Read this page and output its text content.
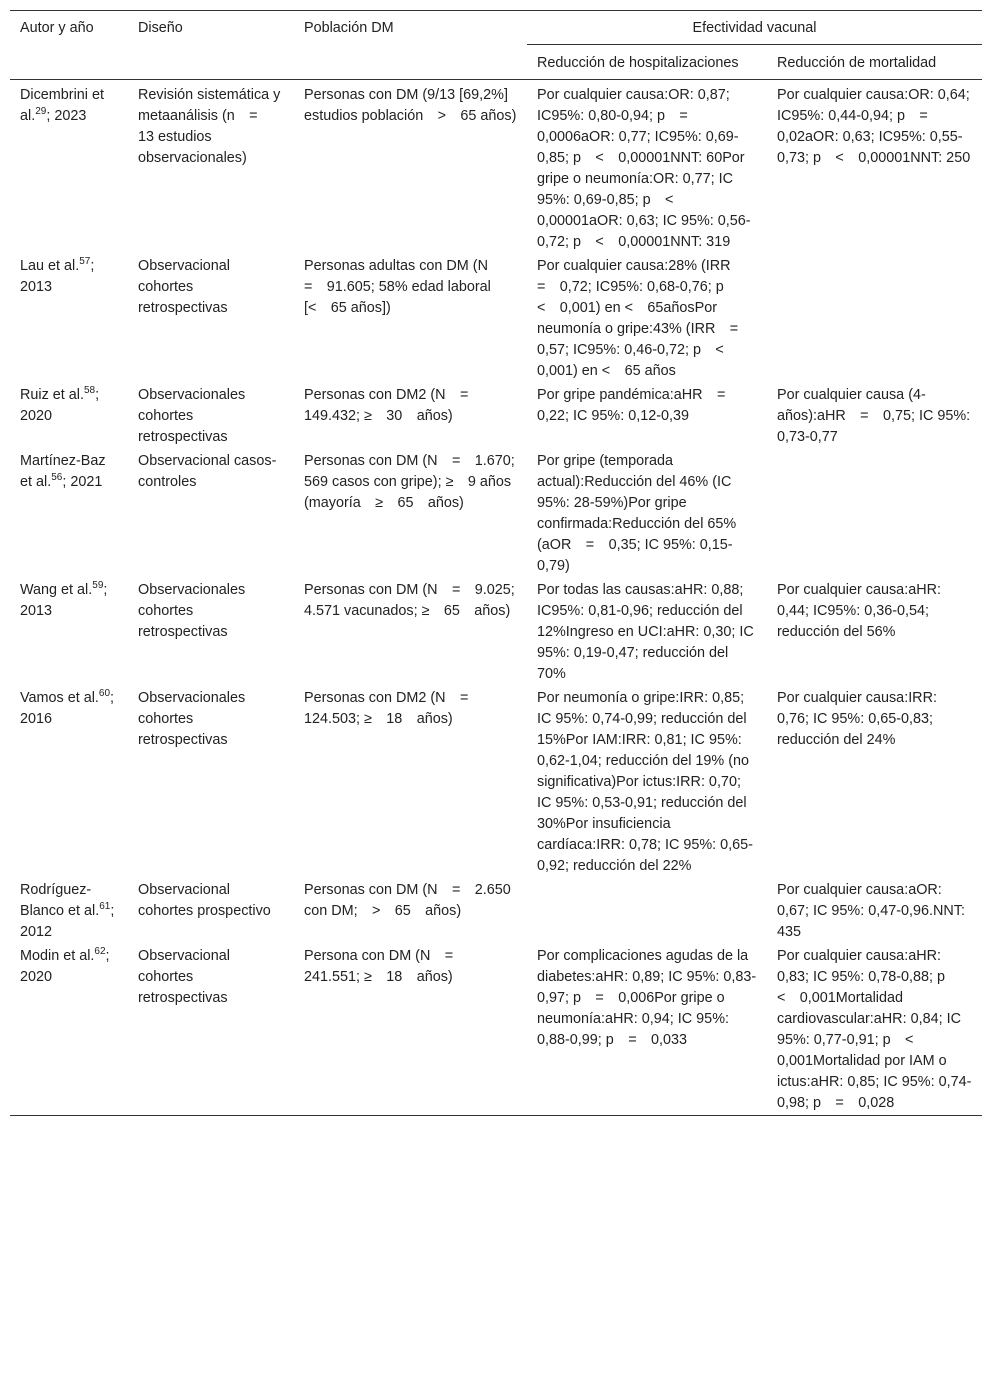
Autor y año	Diseño	Población DM	Efectividad vacunal	
			Reducción de hospitalizaciones	Reducción de mortalidad
Dicembrini et al.$^{29}$; 2023	Revisión sistemática y metaanálisis (n  =  13 estudios observacionales)	Personas con DM (9/13 [69,2%] estudios población  >  65 años)	Por cualquier causa:OR: 0,87; IC95%: 0,80-0,94; p  =  0,0006aOR: 0,77; IC95%: 0,69-0,85; p  <  0,00001NNT: 60Por gripe o neumonía:OR: 0,77; IC 95%: 0,69-0,85; p  <  0,00001aOR: 0,63; IC 95%: 0,56-0,72; p  <  0,00001NNT: 319	Por cualquier causa:OR: 0,64; IC95%: 0,44-0,94; p  =  0,02aOR: 0,63; IC95%: 0,55-0,73; p  <  0,00001NNT: 250
Lau et al.$^{57}$; 2013	Observacional cohortes retrospectivas	Personas adultas con DM (N  =  91.605; 58% edad laboral [<  65 años])	Por cualquier causa:28% (IRR  =  0,72; IC95%: 0,68-0,76; p  <  0,001) en <  65añosPor neumonía o gripe:43% (IRR  =  0,57; IC95%: 0,46-0,72; p  <  0,001) en <  65 años	
Ruiz et al.$^{58}$; 2020	Observacionales cohortes retrospectivas	Personas con DM2 (N  =  149.432; ≥  30  años)	Por gripe pandémica:aHR  =  0,22; IC 95%: 0,12-0,39	Por cualquier causa (4-años):aHR  =  0,75; IC 95%: 0,73-0,77
Martínez-Baz et al.$^{56}$; 2021	Observacional casos-controles	Personas con DM (N  =  1.670; 569 casos con gripe); ≥  9 años (mayoría  ≥  65  años)	Por gripe (temporada actual):Reducción del 46% (IC 95%: 28-59%)Por gripe confirmada:Reducción del 65% (aOR  =  0,35; IC 95%: 0,15-0,79)	
Wang et al.$^{59}$; 2013	Observacionales cohortes retrospectivas	Personas con DM (N  =  9.025; 4.571 vacunados; ≥  65  años)	Por todas las causas:aHR: 0,88; IC95%: 0,81-0,96; reducción del 12%Ingreso en UCI:aHR: 0,30; IC 95%: 0,19-0,47; reducción del 70%	Por cualquier causa:aHR: 0,44; IC95%: 0,36-0,54; reducción del 56%
Vamos et al.$^{60}$; 2016	Observacionales cohortes retrospectivas	Personas con DM2 (N  =  124.503; ≥  18  años)	Por neumonía o gripe:IRR: 0,85; IC 95%: 0,74-0,99; reducción del 15%Por IAM:IRR: 0,81; IC 95%: 0,62-1,04; reducción del 19% (no significativa)Por ictus:IRR: 0,70; IC 95%: 0,53-0,91; reducción del 30%Por insuficiencia cardíaca:IRR: 0,78; IC 95%: 0,65-0,92; reducción del 22%	Por cualquier causa:IRR: 0,76; IC 95%: 0,65-0,83; reducción del 24%
Rodríguez-Blanco et al.$^{61}$; 2012	Observacional cohortes prospectivo	Personas con DM (N  =  2.650 con DM;  >  65  años)		Por cualquier causa:aOR: 0,67; IC 95%: 0,47-0,96.NNT: 435
Modin et al.$^{62}$; 2020	Observacional cohortes retrospectivas	Persona con DM (N  =  241.551; ≥  18  años)	Por complicaciones agudas de la diabetes:aHR: 0,89; IC 95%: 0,83-0,97; p  =  0,006Por gripe o neumonía:aHR: 0,94; IC 95%: 0,88-0,99; p  =  0,033	Por cualquier causa:aHR: 0,83; IC 95%: 0,78-0,88; p  <  0,001Mortalidad cardiovascular:aHR: 0,84; IC 95%: 0,77-0,91; p  <  0,001Mortalidad por IAM o ictus:aHR: 0,85; IC 95%: 0,74-0,98; p  =  0,028
